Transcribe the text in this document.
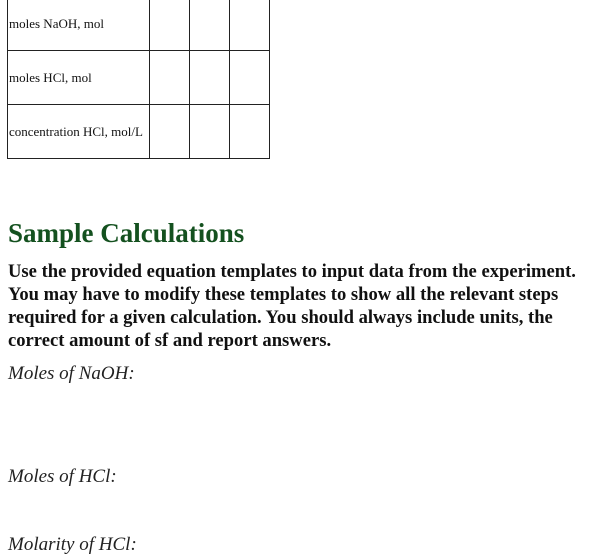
moles NaOH, mol			
moles HCl, mol			
concentration HCl, mol/L			
Sample Calculations

Use the provided equation templates to input data from the experiment. You may have to modify these templates to show all the relevant steps required for a given calculation. You should always include units, the correct amount of sf and report answers.

Moles of NaOH:

Moles of HCl:

Molarity of HCl:
